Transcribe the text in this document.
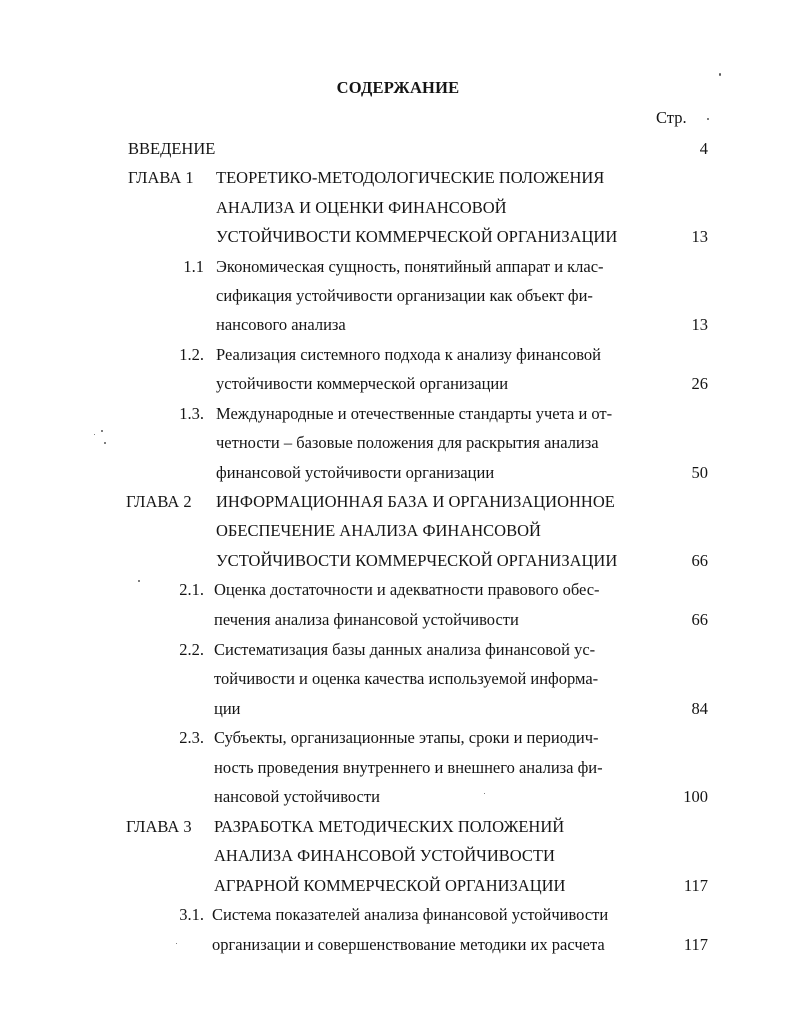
СОДЕРЖАНИЕ
Стр.
ВВЕДЕНИЕ	4
ГЛАВА 1 ТЕОРЕТИКО-МЕТОДОЛОГИЧЕСКИЕ ПОЛОЖЕНИЯ
АНАЛИЗА И ОЦЕНКИ ФИНАНСОВОЙ
УСТОЙЧИВОСТИ КОММЕРЧЕСКОЙ ОРГАНИЗАЦИИ	13
1.1 Экономическая сущность, понятийный аппарат и клас-
сификация устойчивости организации как объект фи-
нансового анализа	13
1.2. Реализация системного подхода к анализу финансовой
устойчивости коммерческой организации	26
1.3. Международные и отечественные стандарты учета и от-
четности – базовые положения для раскрытия анализа
финансовой устойчивости организации	50
ГЛАВА 2 ИНФОРМАЦИОННАЯ БАЗА И ОРГАНИЗАЦИОННОЕ
ОБЕСПЕЧЕНИЕ АНАЛИЗА ФИНАНСОВОЙ
УСТОЙЧИВОСТИ КОММЕРЧЕСКОЙ ОРГАНИЗАЦИИ	66
2.1. Оценка достаточности и адекватности правового обес-
печения анализа финансовой устойчивости	66
2.2. Систематизация базы данных анализа финансовой ус-
тойчивости и оценка качества используемой информа-
ции	84
2.3. Субъекты, организационные этапы, сроки и периодич-
ность проведения внутреннего и внешнего анализа фи-
нансовой устойчивости	100
ГЛАВА 3 РАЗРАБОТКА МЕТОДИЧЕСКИХ ПОЛОЖЕНИЙ
АНАЛИЗА ФИНАНСОВОЙ УСТОЙЧИВОСТИ
АГРАРНОЙ КОММЕРЧЕСКОЙ ОРГАНИЗАЦИИ	117
3.1. Система показателей анализа финансовой устойчивости
организации и совершенствование методики их расчета	117
